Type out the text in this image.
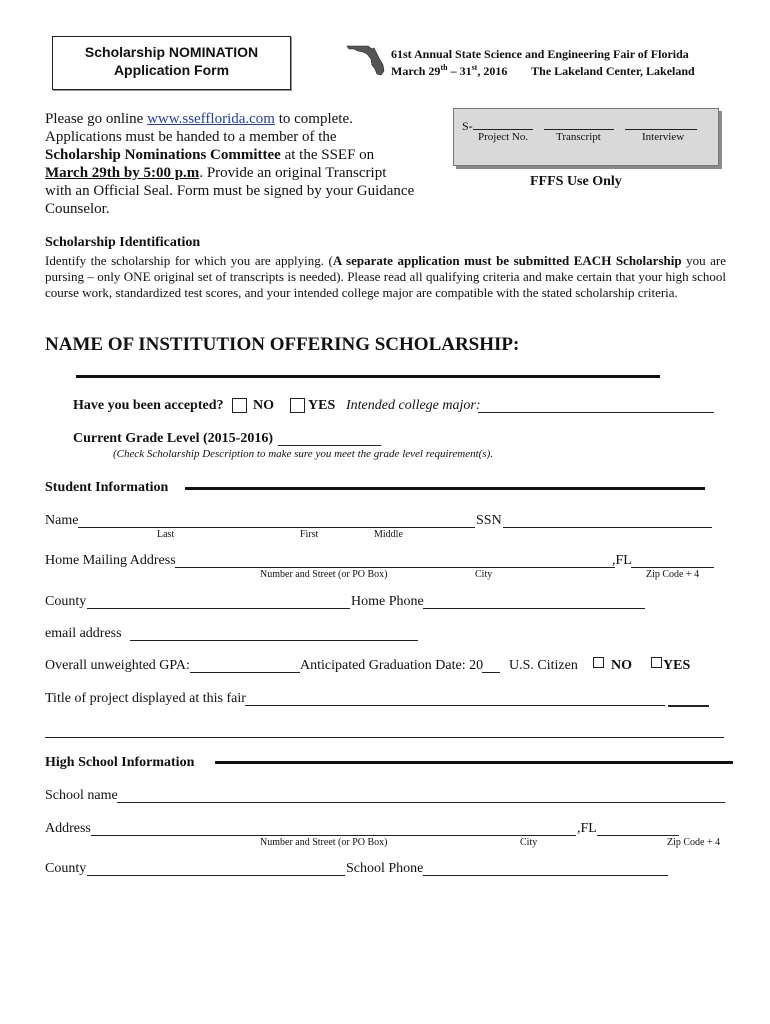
Scholarship NOMINATION
Application Form
61st Annual State Science and Engineering Fair of Florida
March 29th – 31st, 2016 The Lakeland Center, Lakeland
Please go online www.ssefflorida.com to complete. Applications must be handed to a member of the Scholarship Nominations Committee at the SSEF on March 29th by 5:00 p.m. Provide an original Transcript with an Official Seal. Form must be signed by your Guidance Counselor.
S-
Project No.	Transcript	Interview
FFFS Use Only
Scholarship Identification
Identify the scholarship for which you are applying. (A separate application must be submitted EACH Scholarship you are pursing – only ONE original set of transcripts is needed). Please read all qualifying criteria and make certain that your high school course work, standardized test scores, and your intended college major are compatible with the stated scholarship criteria.
NAME OF INSTITUTION OFFERING SCHOLARSHIP:
Have you been accepted? NO YES Intended college major:
Current Grade Level (2015-2016)
(Check Scholarship Description to make sure you meet the grade level requirement(s).
Student Information
Name
Last	First	Middle
SSN
Home Mailing Address	,FL
Number and Street (or PO Box)	City	Zip Code + 4
County	Home Phone
email address
Overall unweighted GPA:	Anticipated Graduation Date: 20 U.S. Citizen NO YES
Title of project displayed at this fair
High School Information
School name
Address	,FL
Number and Street (or PO Box)	City	Zip Code + 4
County	School Phone
